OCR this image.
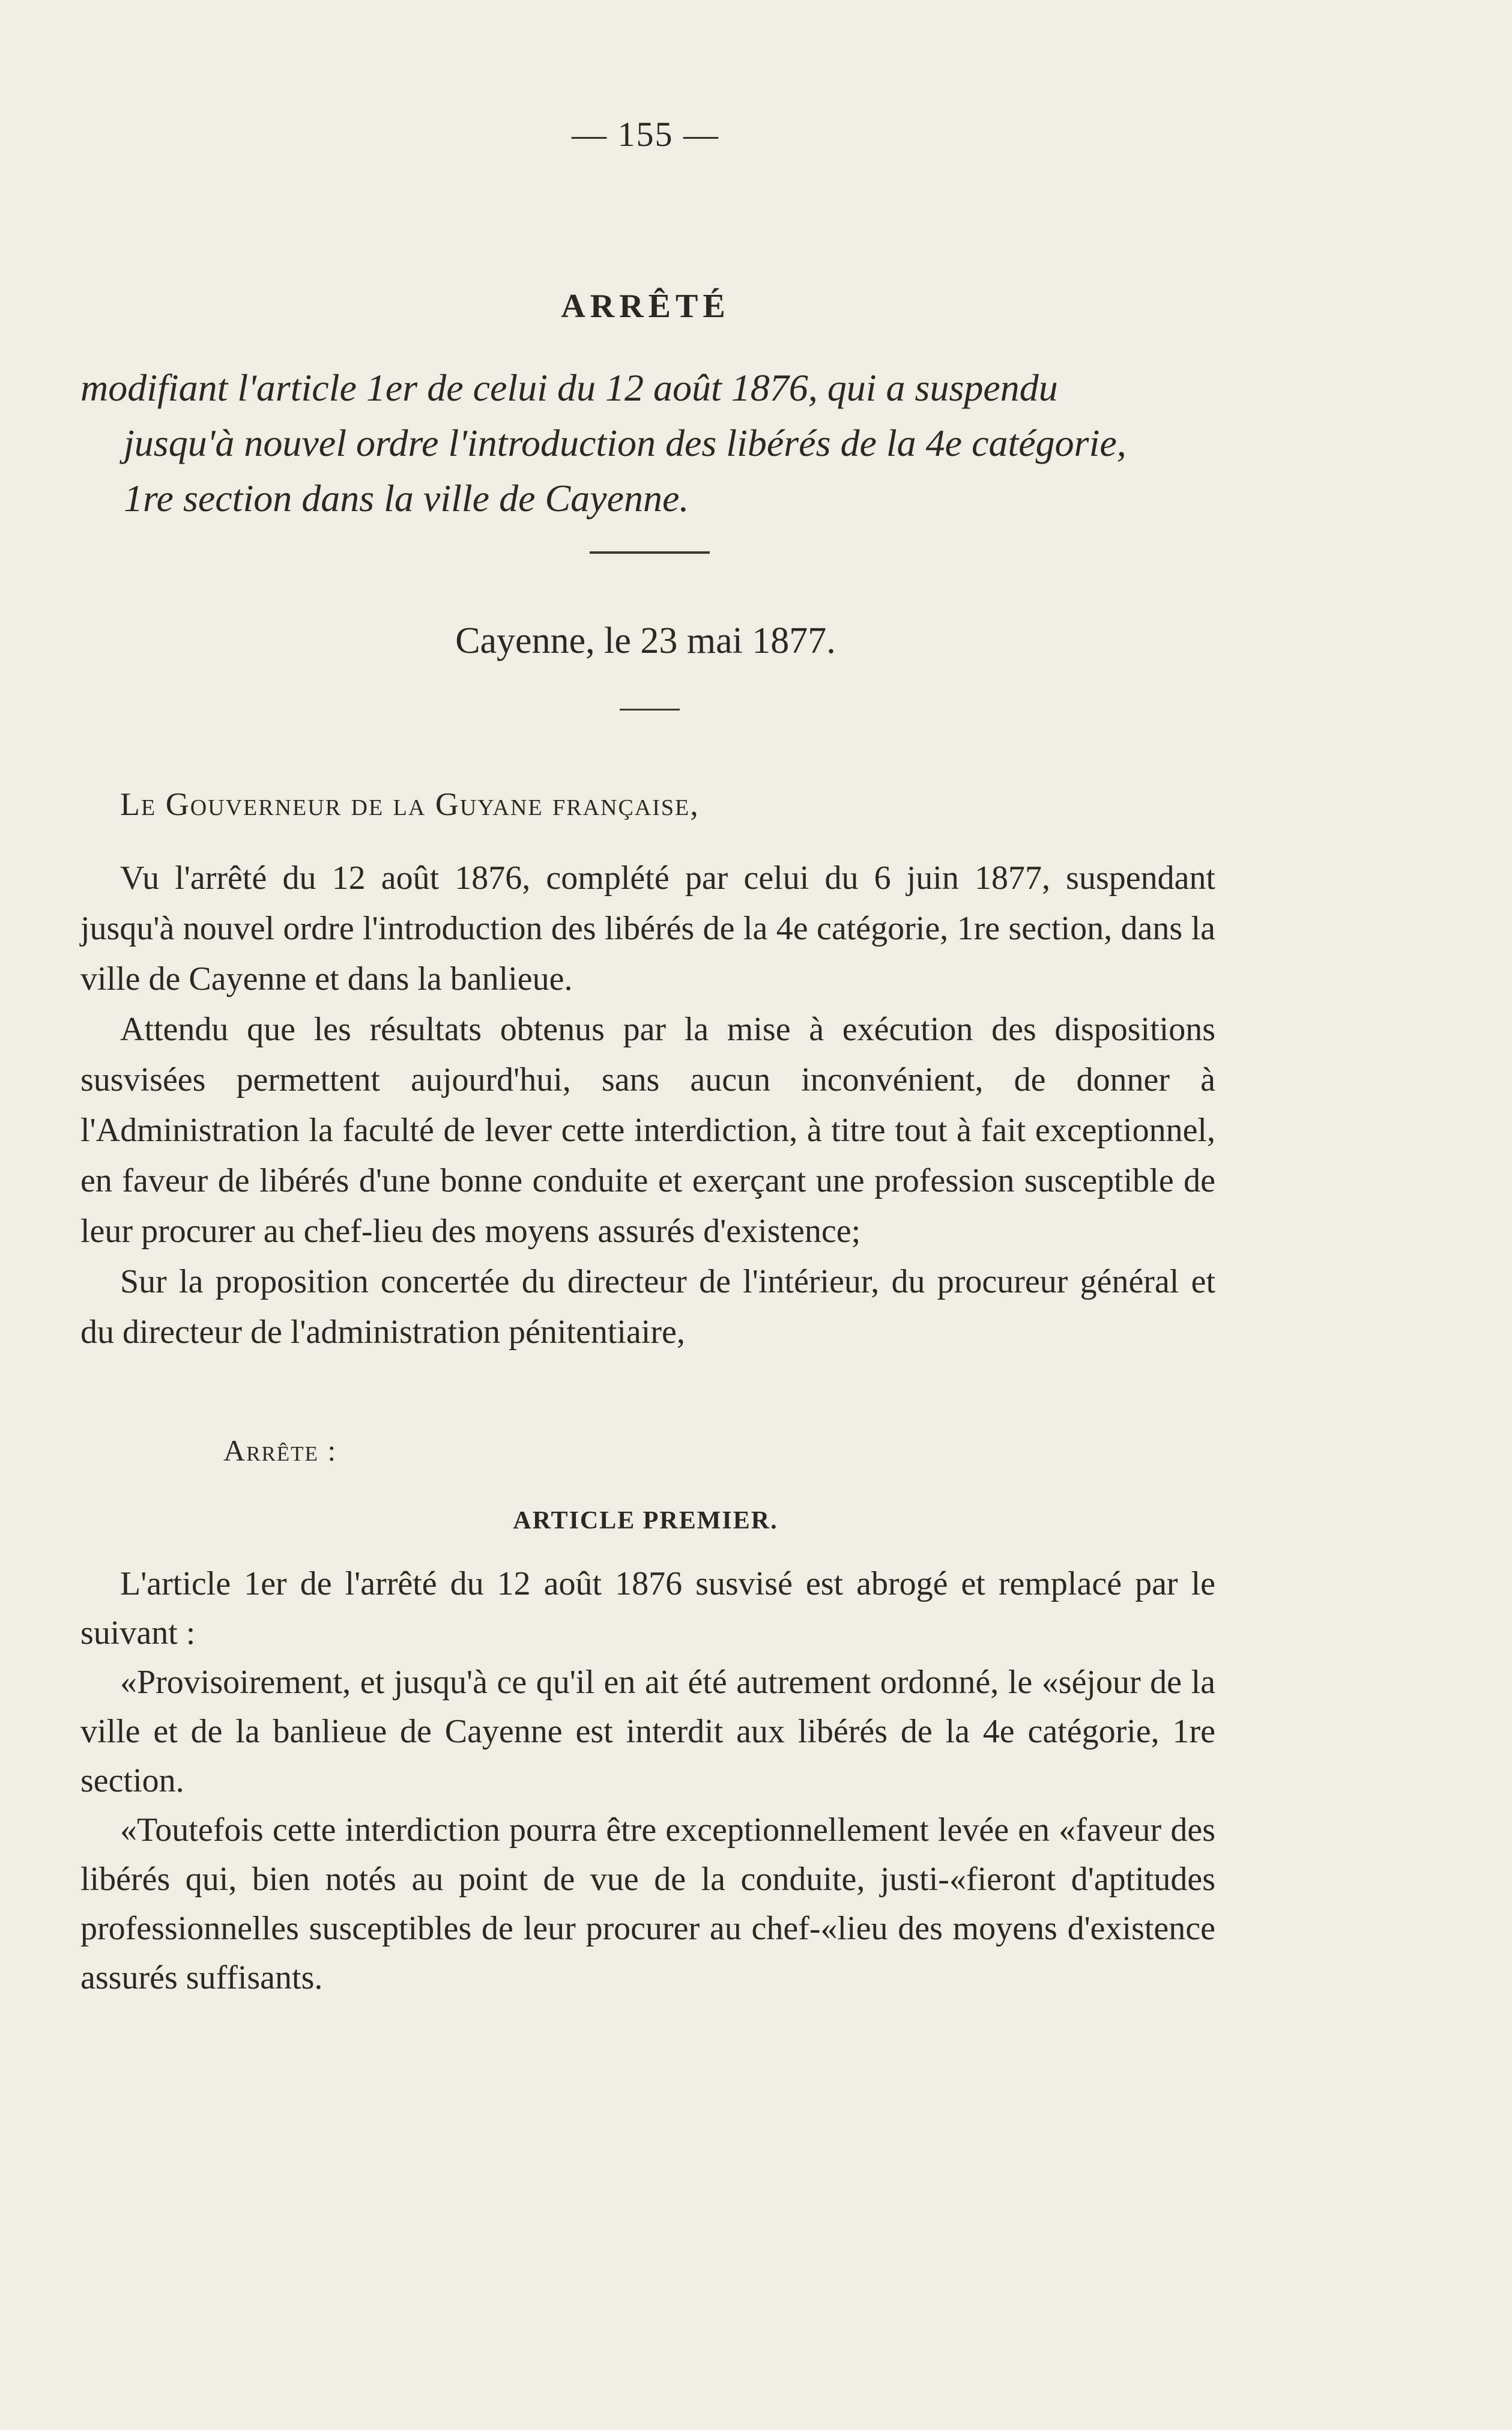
— 155 —
ARRÊTÉ
modifiant l'article 1er de celui du 12 août 1876, qui a suspendu
jusqu'à nouvel ordre l'introduction des libérés de la 4e catégorie,
1re section dans la ville de Cayenne.
Cayenne, le 23 mai 1877.
Le Gouverneur de la Guyane française,

Vu l'arrêté du 12 août 1876, complété par celui du 6 juin 1877, suspendant jusqu'à nouvel ordre l'introduction des libérés de la 4e catégorie, 1re section, dans la ville de Cayenne et dans la banlieue.

Attendu que les résultats obtenus par la mise à exécution des dispositions susvisées permettent aujourd'hui, sans aucun inconvénient, de donner à l'Administration la faculté de lever cette interdiction, à titre tout à fait exceptionnel, en faveur de libérés d'une bonne conduite et exerçant une profession susceptible de leur procurer au chef-lieu des moyens assurés d'existence;

Sur la proposition concertée du directeur de l'intérieur, du procureur général et du directeur de l'administration pénitentiaire,

Arrête :
ARTICLE PREMIER.

L'article 1er de l'arrêté du 12 août 1876 susvisé est abrogé et remplacé par le suivant :

«Provisoirement, et jusqu'à ce qu'il en ait été autrement ordonné, le «séjour de la ville et de la banlieue de Cayenne est interdit aux libérés de la 4e catégorie, 1re section.

«Toutefois cette interdiction pourra être exceptionnellement levée en «faveur des libérés qui, bien notés au point de vue de la conduite, justi-«fieront d'aptitudes professionnelles susceptibles de leur procurer au chef-«lieu des moyens d'existence assurés suffisants.
